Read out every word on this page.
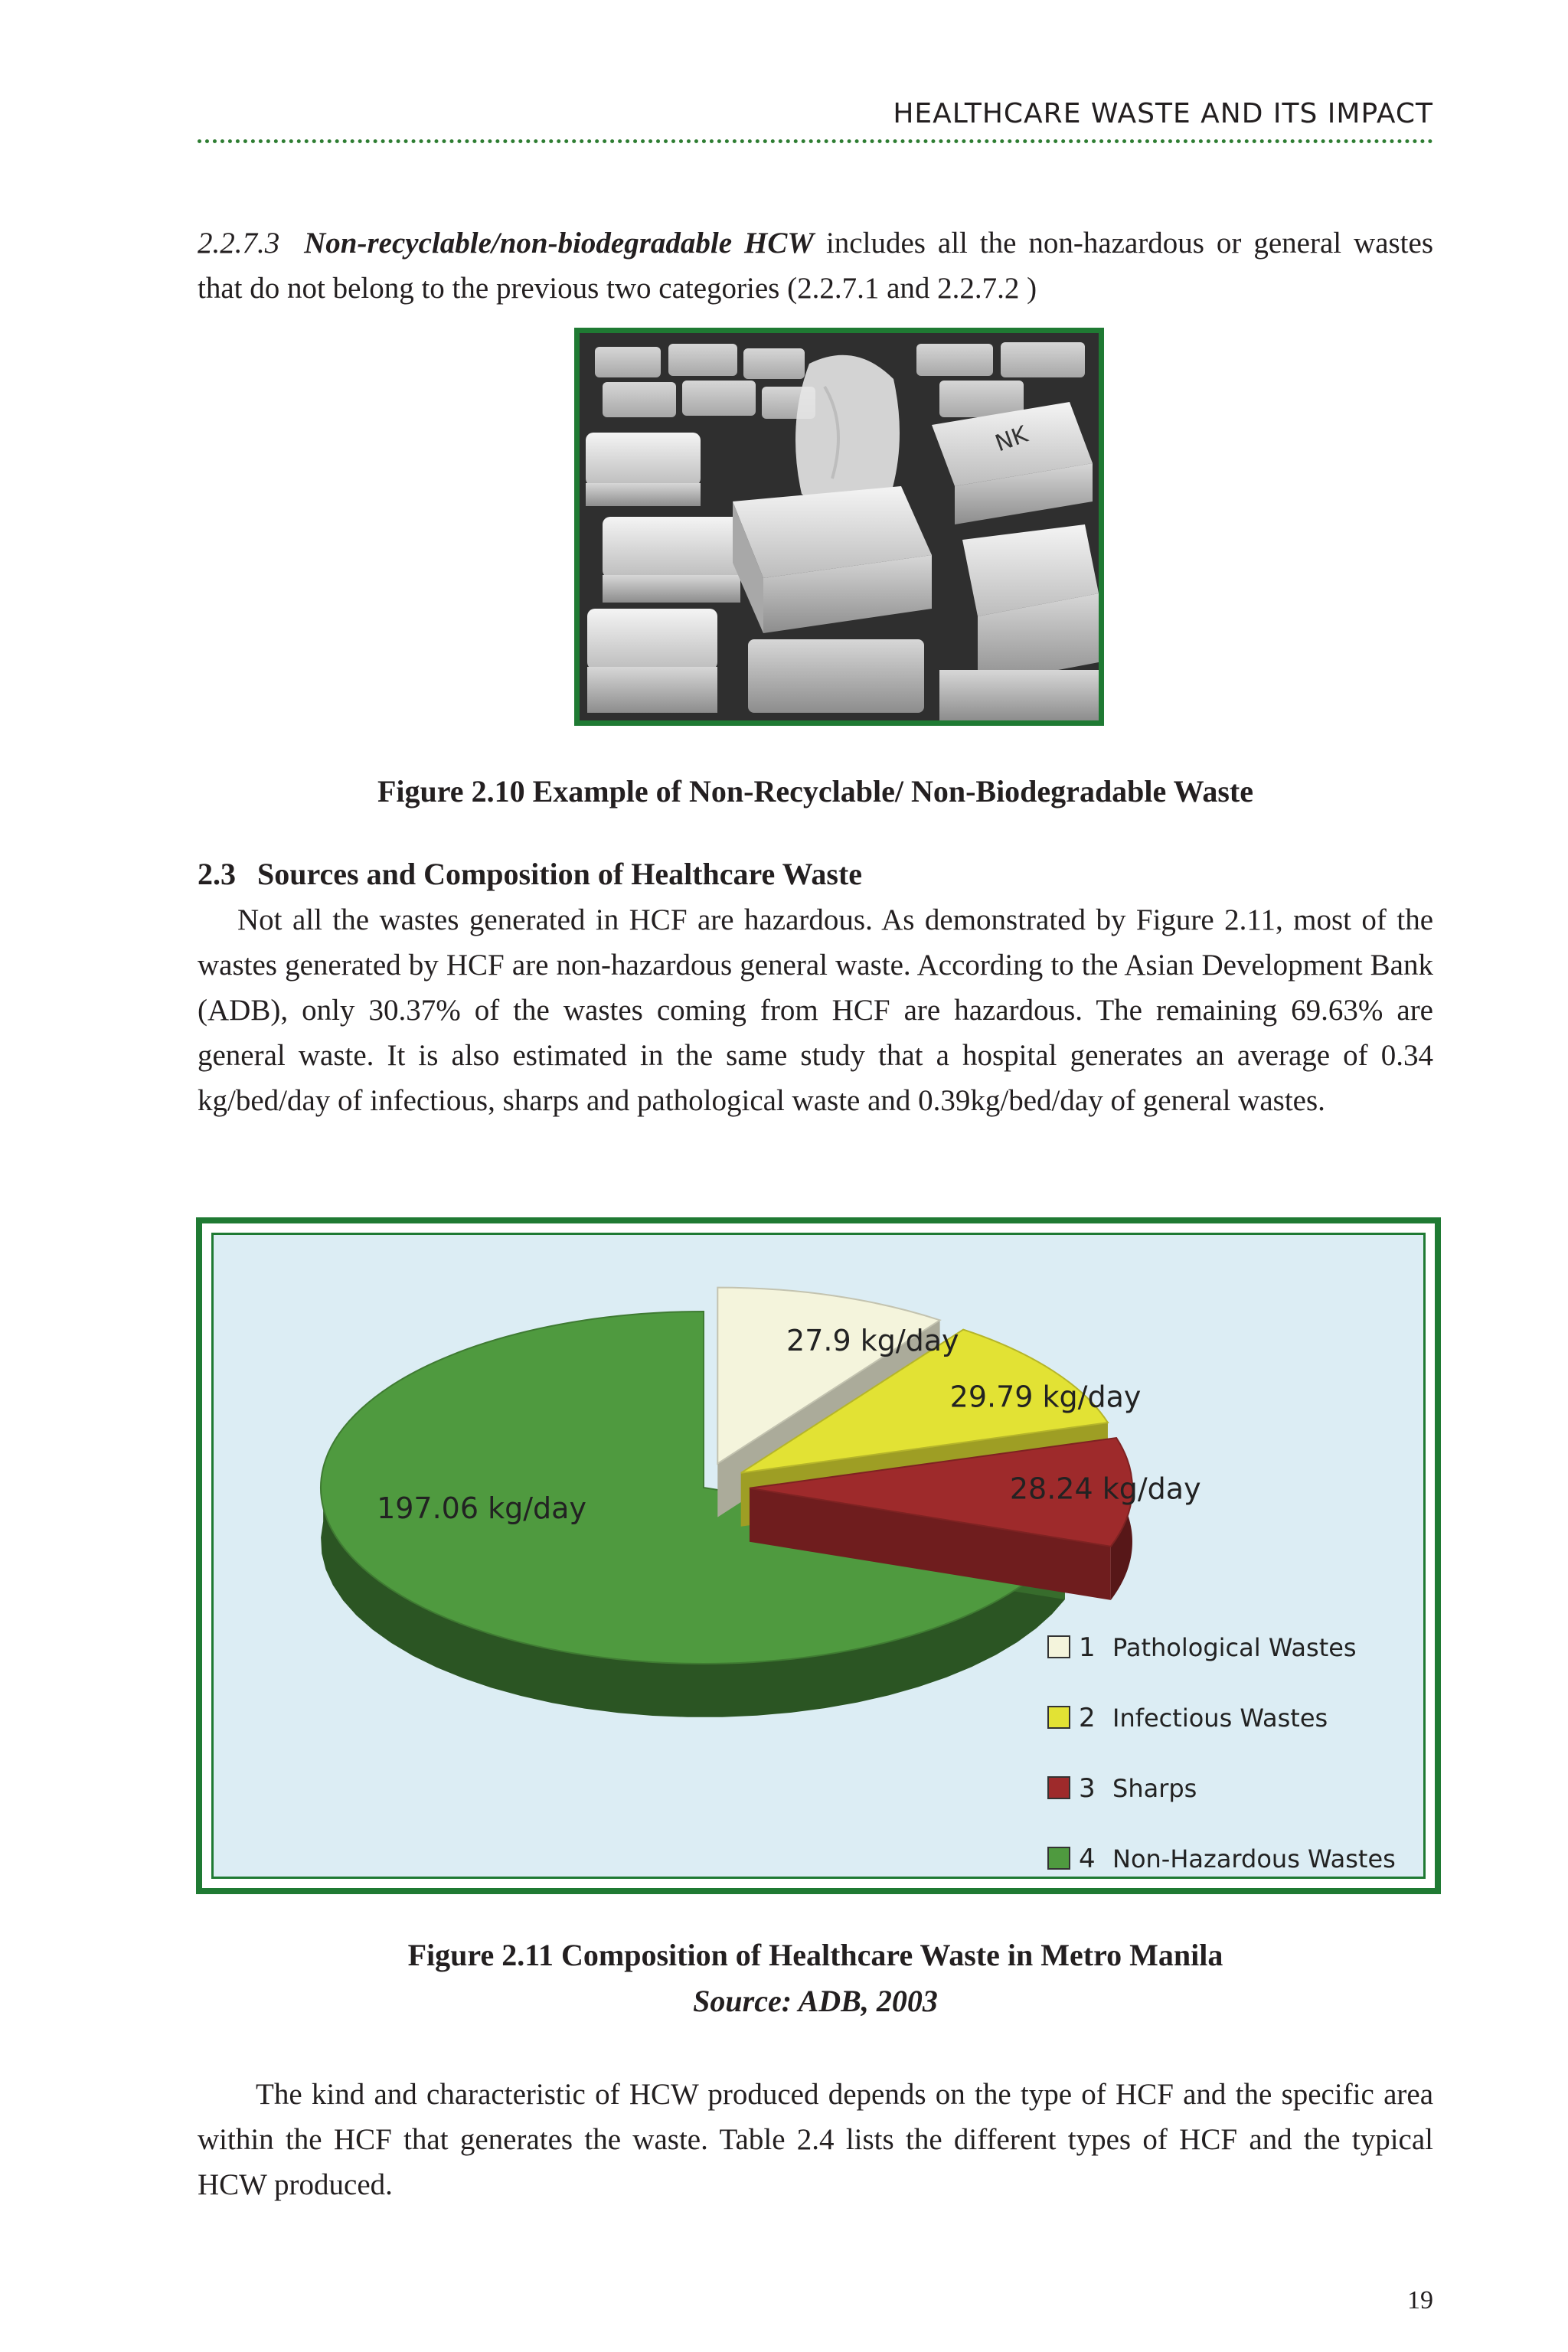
HEALTHCARE WASTE AND ITS IMPACT

2.2.7.3 Non-recyclable/non-biodegradable HCW includes all the non-hazardous or general wastes that do not belong to the previous two categories (2.2.7.1 and 2.2.7.2 )

NK

Figure 2.10 Example of Non-Recyclable/ Non-Biodegradable Waste

2.3 Sources and Composition of Healthcare Waste

Not all the wastes generated in HCF are hazardous. As demonstrated by Figure 2.11, most of the wastes generated by HCF are non-hazardous general waste. According to the Asian Development Bank (ADB), only 30.37% of the wastes coming from HCF are hazardous. The remaining 69.63% are general waste. It is also estimated in the same study that a hospital generates an average of 0.34 kg/bed/day of infectious, sharps and pathological waste and 0.39kg/bed/day of general wastes.

197.06 kg/day
27.9 kg/day
29.79 kg/day
28.24 kg/day
1 Pathological Wastes
2 Infectious Wastes
3 Sharps
4 Non-Hazardous Wastes

Figure 2.11 Composition of Healthcare Waste in Metro Manila

Source: ADB, 2003

The kind and characteristic of HCW produced depends on the type of HCF and the specific area within the HCF that generates the waste. Table 2.4 lists the different types of HCF and the typical HCW produced.

19
